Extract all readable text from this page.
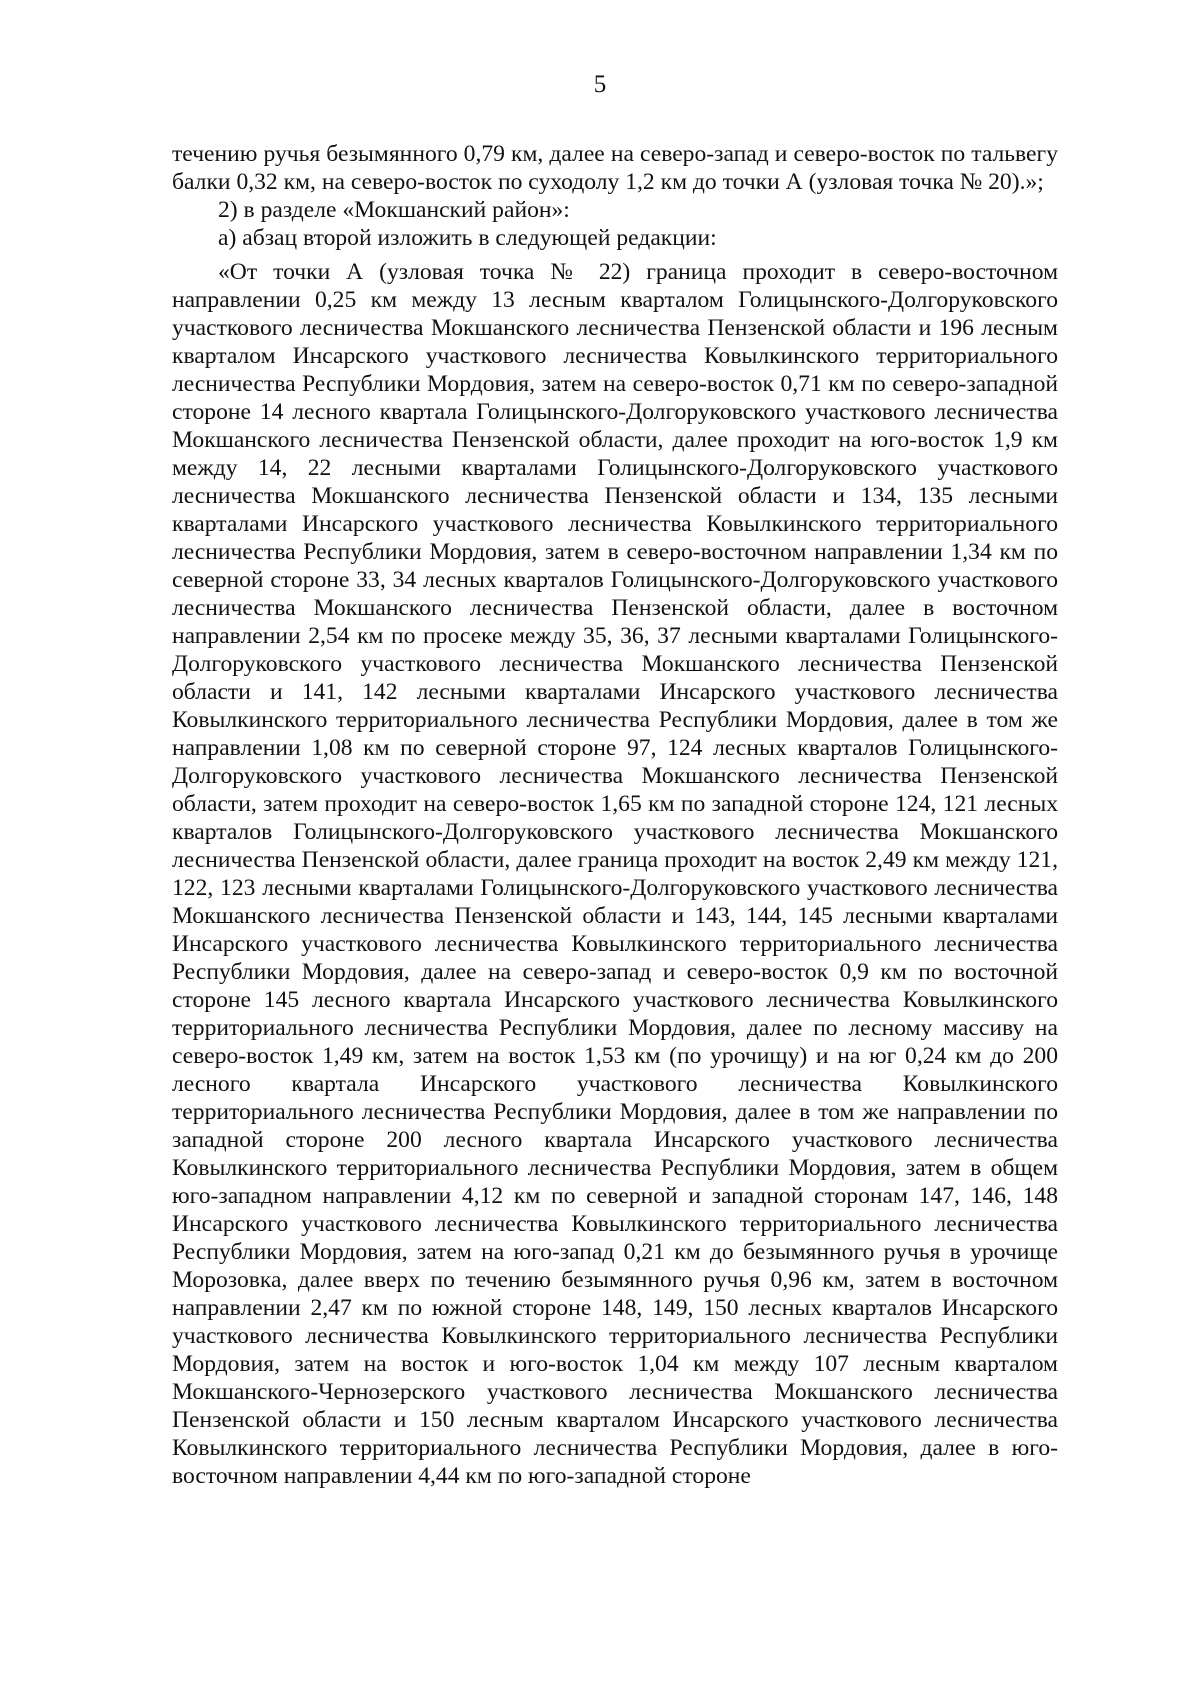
5

течению ручья безымянного 0,79 км, далее на северо-запад и северо-восток по тальвегу балки 0,32 км, на северо-восток по суходолу 1,2 км до точки А (узловая точка № 20).»;

2) в разделе «Мокшанский район»:

а) абзац второй изложить в следующей редакции:

«От точки А (узловая точка № 22) граница проходит в северо-восточном направлении 0,25 км между 13 лесным кварталом Голицынского-Долгоруковского участкового лесничества Мокшанского лесничества Пензенской области и 196 лесным кварталом Инсарского участкового лесничества Ковылкинского территориального лесничества Республики Мордовия, затем на северо-восток 0,71 км по северо-западной стороне 14 лесного квартала Голицынского-Долгоруковского участкового лесничества Мокшанского лесничества Пензенской области, далее проходит на юго-восток 1,9 км между 14, 22 лесными кварталами Голицынского-Долгоруковского участкового лесничества Мокшанского лесничества Пензенской области и 134, 135 лесными кварталами Инсарского участкового лесничества Ковылкинского территориального лесничества Республики Мордовия, затем в северо-восточном направлении 1,34 км по северной стороне 33, 34 лесных кварталов Голицынского-Долгоруковского участкового лесничества Мокшанского лесничества Пензенской области, далее в восточном направлении 2,54 км по просеке между 35, 36, 37 лесными кварталами Голицынского-Долгоруковского участкового лесничества Мокшанского лесничества Пензенской области и 141, 142 лесными кварталами Инсарского участкового лесничества Ковылкинского территориального лесничества Республики Мордовия, далее в том же направлении 1,08 км по северной стороне 97, 124 лесных кварталов Голицынского-Долгоруковского участкового лесничества Мокшанского лесничества Пензенской области, затем проходит на северо-восток 1,65 км по западной стороне 124, 121 лесных кварталов Голицынского-Долгоруковского участкового лесничества Мокшанского лесничества Пензенской области, далее граница проходит на восток 2,49 км между 121, 122, 123 лесными кварталами Голицынского-Долгоруковского участкового лесничества Мокшанского лесничества Пензенской области и 143, 144, 145 лесными кварталами Инсарского участкового лесничества Ковылкинского территориального лесничества Республики Мордовия, далее на северо-запад и северо-восток 0,9 км по восточной стороне 145 лесного квартала Инсарского участкового лесничества Ковылкинского территориального лесничества Республики Мордовия, далее по лесному массиву на северо-восток 1,49 км, затем на восток 1,53 км (по урочищу) и на юг 0,24 км до 200 лесного квартала Инсарского участкового лесничества Ковылкинского территориального лесничества Республики Мордовия, далее в том же направлении по западной стороне 200 лесного квартала Инсарского участкового лесничества Ковылкинского территориального лесничества Республики Мордовия, затем в общем юго-западном направлении 4,12 км по северной и западной сторонам 147, 146, 148 Инсарского участкового лесничества Ковылкинского территориального лесничества Республики Мордовия, затем на юго-запад 0,21 км до безымянного ручья в урочище Морозовка, далее вверх по течению безымянного ручья 0,96 км, затем в восточном направлении 2,47 км по южной стороне 148, 149, 150 лесных кварталов Инсарского участкового лесничества Ковылкинского территориального лесничества Республики Мордовия, затем на восток и юго-восток 1,04 км между 107 лесным кварталом Мокшанского-Чернозерского участкового лесничества Мокшанского лесничества Пензенской области и 150 лесным кварталом Инсарского участкового лесничества Ковылкинского территориального лесничества Республики Мордовия, далее в юго-восточном направлении 4,44 км по юго-западной стороне
